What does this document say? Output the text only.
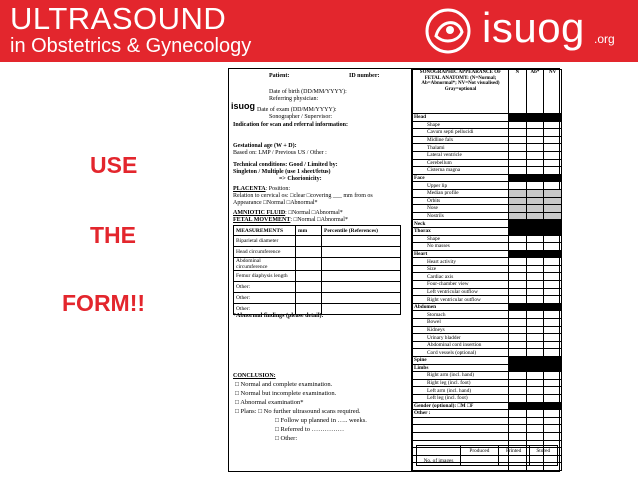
ULTRASOUND
in Obstetrics & Gynecology	isuog .org
USE
THE
FORM!!
Patient:	ID number:
Date of birth (DD/MM/YYYY):
Referring physician:
isuog Date of exam (DD/MM/YYYY):
Sonographer / Supervisor:
Indication for scan and referral information:
Gestational age (W + D):
Based on: LMP / Previous US / Other :
Technical conditions: Good / Limited by:
Singleton / Multiple (use 1 sheet/fetus)
=> Chorionicity:
PLACENTA: Position:
Relation to cervical os: □clear □covering ___ mm from os
Appearance □Normal □Abnormal*
AMNIOTIC FLUID: □Normal □Abnormal*
FETAL MOVEMENT: □Normal □Abnormal*
MEASUREMENTS	mm	Percentile (References)
Biparietal diameter		
Head circumference		
Abdominal circumference		
Femur diaphysis length		
Other:		
Other:		
Other:		
*Abnormal findings (please detail):
CONCLUSION:
□ Normal and complete examination.
□ Normal but incomplete examination.
□ Abnormal examination*
□ Plans: □ No further ultrasound scans required.
□ Follow up planned in ….. weeks.
□ Referred to ……………
□ Other:
SONOGRAPHIC APPEARANCE OF FETAL ANATOMY: (N=Normal; Ab=Abnormal*; NV=Not visualised) Gray=optional	N	Ab*	NV
Head			
Shape			
Cavum septi pellucidi			
Midline falx			
Thalami			
Lateral ventricle			
Cerebellum			
Cisterna magna			
Face			
Upper lip			
Median profile			
Orbits			
Nose			
Nostrils			
Neck			
Thorax			
Shape			
No masses			
Heart			
Heart activity			
Size			
Cardiac axis			
Four-chamber view			
Left ventricular outflow			
Right ventricular outflow			
Abdomen			
Stomach			
Bowel			
Kidneys			
Urinary bladder			
Abdominal cord insertion			
Cord vessels (optional)			
Spine			
Limbs			
Right arm (incl. hand)			
Right leg (incl. foot)			
Left arm (incl. hand)			
Left leg (incl. foot)			
Gender (optional): □M □F			
Other :			

	Produced	Printed	Stored
No. of images			
